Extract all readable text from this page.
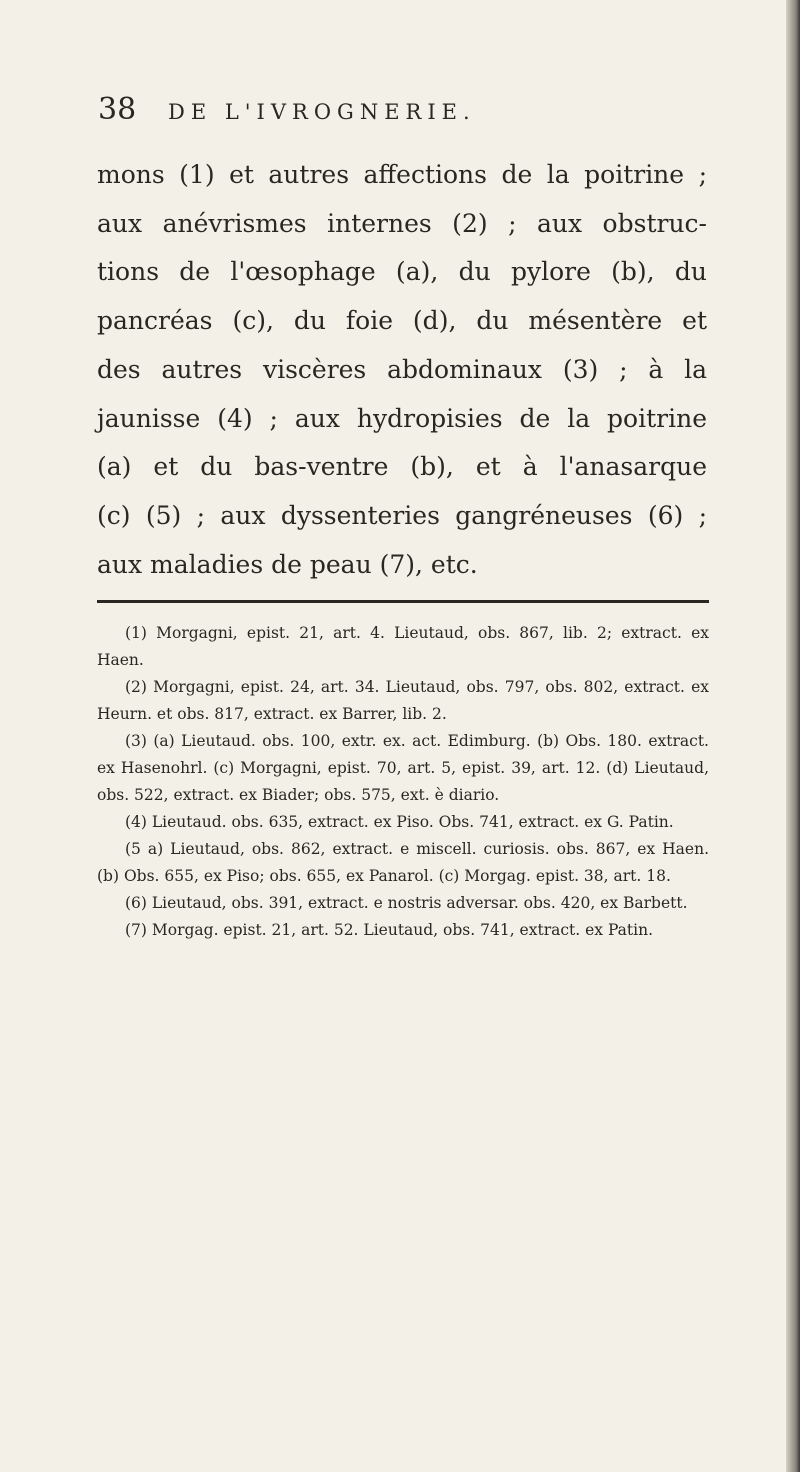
38	DE L'IVROGNERIE.
mons (1) et autres affections de la poitrine ;
aux anévrismes internes (2) ; aux obstruc-
tions de l'œsophage (a), du pylore (b), du
pancréas (c), du foie (d), du mésentère et
des autres viscères abdominaux (3) ; à la
jaunisse (4) ; aux hydropisies de la poitrine
(a) et du bas-ventre (b), et à l'anasarque
(c) (5) ; aux dyssenteries gangréneuses (6) ;
aux maladies de peau (7), etc.

(1) Morgagni, epist. 21, art. 4. Lieutaud, obs. 867, lib. 2; extract. ex Haen.

(2) Morgagni, epist. 24, art. 34. Lieutaud, obs. 797, obs. 802, extract. ex Heurn. et obs. 817, extract. ex Barrer, lib. 2.

(3) (a) Lieutaud. obs. 100, extr. ex. act. Edimburg. (b) Obs. 180. extract. ex Hasenohrl. (c) Morgagni, epist. 70, art. 5, epist. 39, art. 12. (d) Lieutaud, obs. 522, extract. ex Biader; obs. 575, ext. è diario.

(4) Lieutaud. obs. 635, extract. ex Piso. Obs. 741, extract. ex G. Patin.

(5 a) Lieutaud, obs. 862, extract. e miscell. curiosis. obs. 867, ex Haen. (b) Obs. 655, ex Piso; obs. 655, ex Panarol. (c) Morgag. epist. 38, art. 18.

(6) Lieutaud, obs. 391, extract. e nostris adversar. obs. 420, ex Barbett.

(7) Morgag. epist. 21, art. 52. Lieutaud, obs. 741, extract. ex Patin.
